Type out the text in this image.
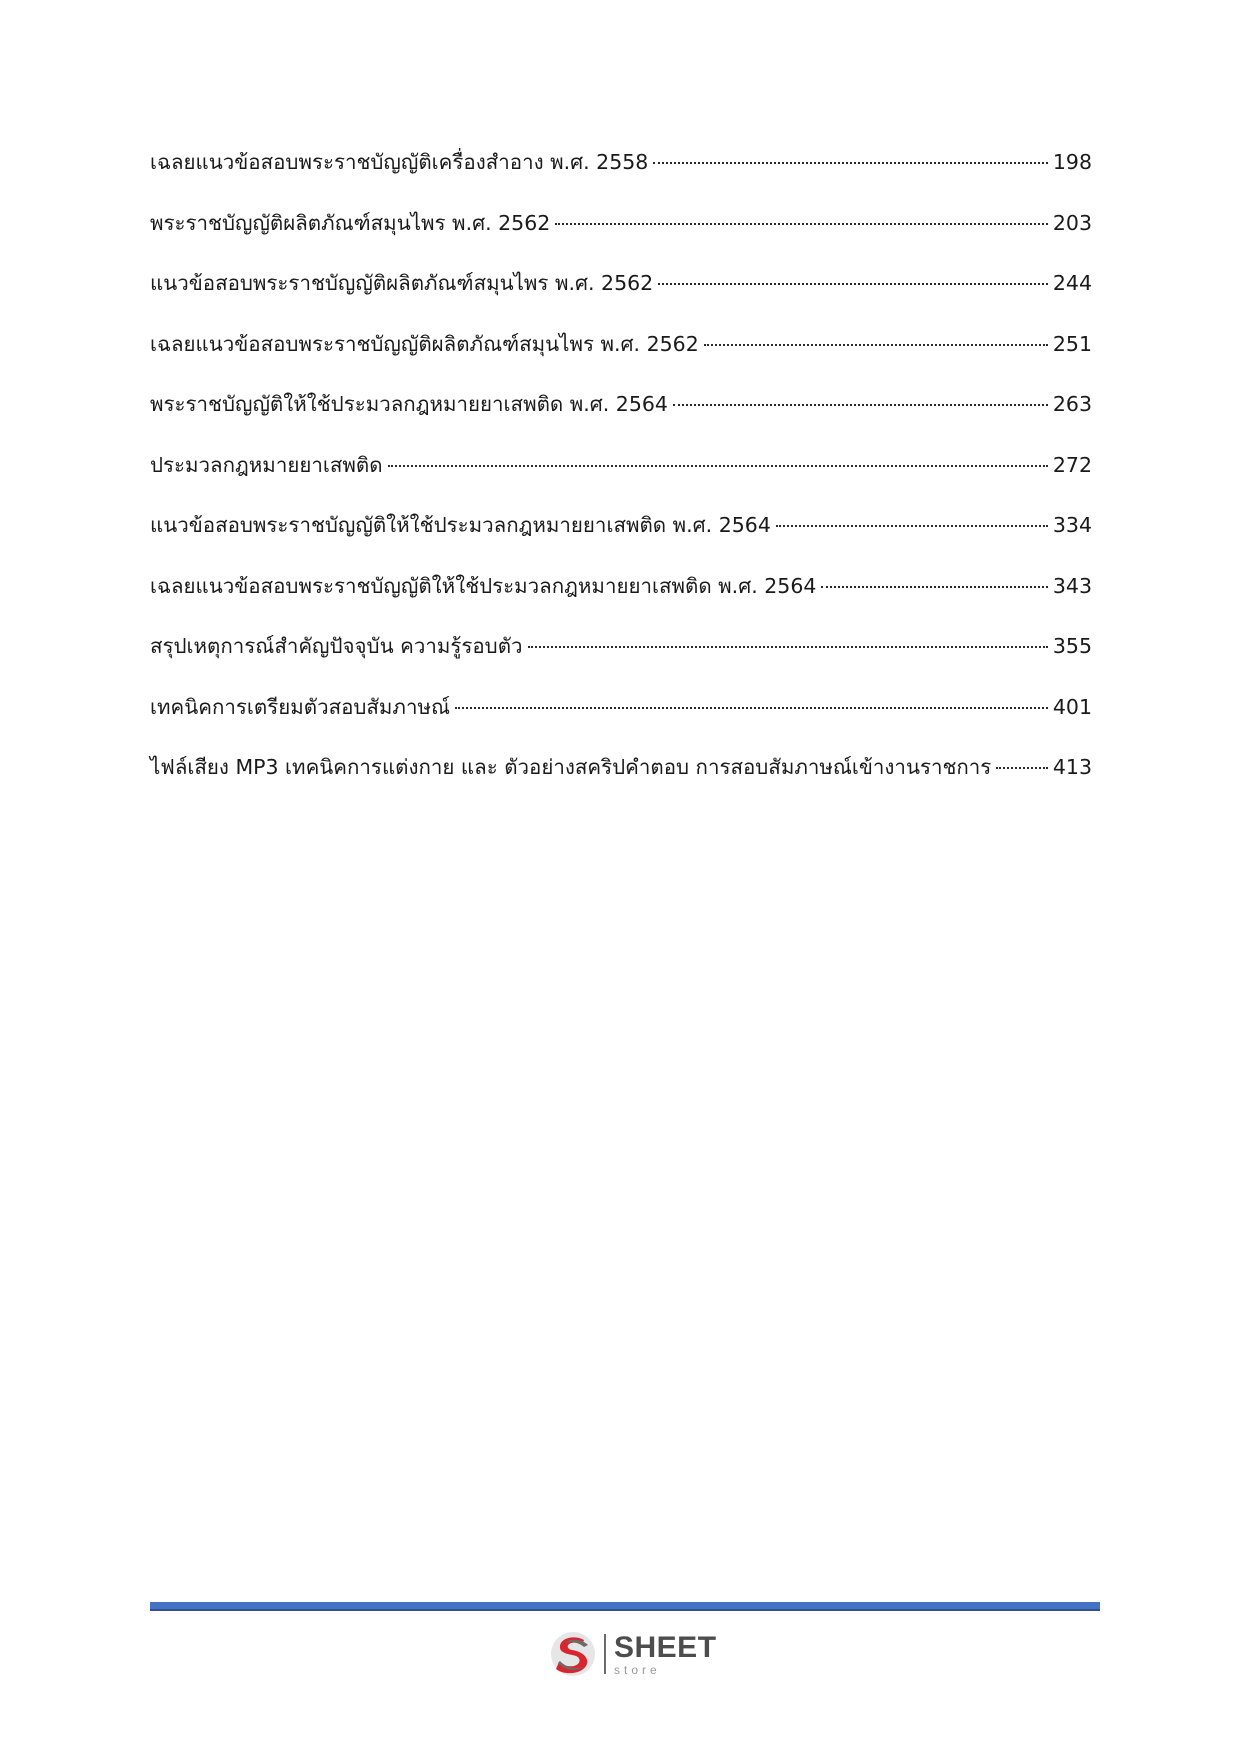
เฉลยแนวข้อสอบพระราชบัญญัติเครื่องสำอาง พ.ศ. 2558	198
พระราชบัญญัติผลิตภัณฑ์สมุนไพร พ.ศ. 2562	203
แนวข้อสอบพระราชบัญญัติผลิตภัณฑ์สมุนไพร พ.ศ. 2562	244
เฉลยแนวข้อสอบพระราชบัญญัติผลิตภัณฑ์สมุนไพร พ.ศ. 2562	251
พระราชบัญญัติให้ใช้ประมวลกฎหมายยาเสพติด พ.ศ. 2564	263
ประมวลกฎหมายยาเสพติด	272
แนวข้อสอบพระราชบัญญัติให้ใช้ประมวลกฎหมายยาเสพติด พ.ศ. 2564	334
เฉลยแนวข้อสอบพระราชบัญญัติให้ใช้ประมวลกฎหมายยาเสพติด พ.ศ. 2564	343
สรุปเหตุการณ์สำคัญปัจจุบัน ความรู้รอบตัว	355
เทคนิคการเตรียมตัวสอบสัมภาษณ์	401
ไฟล์เสียง MP3 เทคนิคการแต่งกาย และ ตัวอย่างสคริปคำตอบ การสอบสัมภาษณ์เข้างานราชการ	413
SHEET
store
